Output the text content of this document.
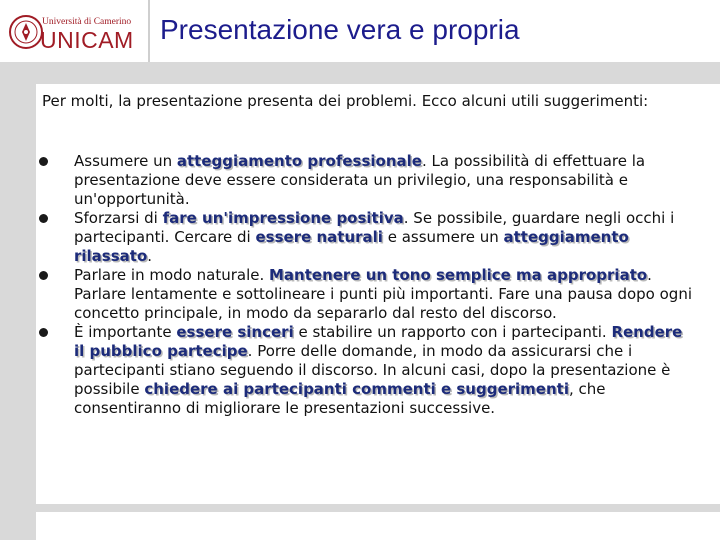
Università di Camerino
UNICAM Presentazione vera e propria
Per molti, la presentazione presenta dei problemi. Ecco alcuni utili suggerimenti:
Assumere un atteggiamento professionale. La possibilità di effettuare la presentazione deve essere considerata un privilegio, una responsabilità e un'opportunità.
Sforzarsi di fare un'impressione positiva. Se possibile, guardare negli occhi i partecipanti. Cercare di essere naturali e assumere un atteggiamento rilassato.
Parlare in modo naturale. Mantenere un tono semplice ma appropriato. Parlare lentamente e sottolineare i punti più importanti. Fare una pausa dopo ogni concetto principale, in modo da separarlo dal resto del discorso.
È importante essere sinceri e stabilire un rapporto con i partecipanti. Rendere il pubblico partecipe. Porre delle domande, in modo da assicurarsi che i partecipanti stiano seguendo il discorso. In alcuni casi, dopo la presentazione è possibile chiedere ai partecipanti commenti e suggerimenti, che consentiranno di migliorare le presentazioni successive.
